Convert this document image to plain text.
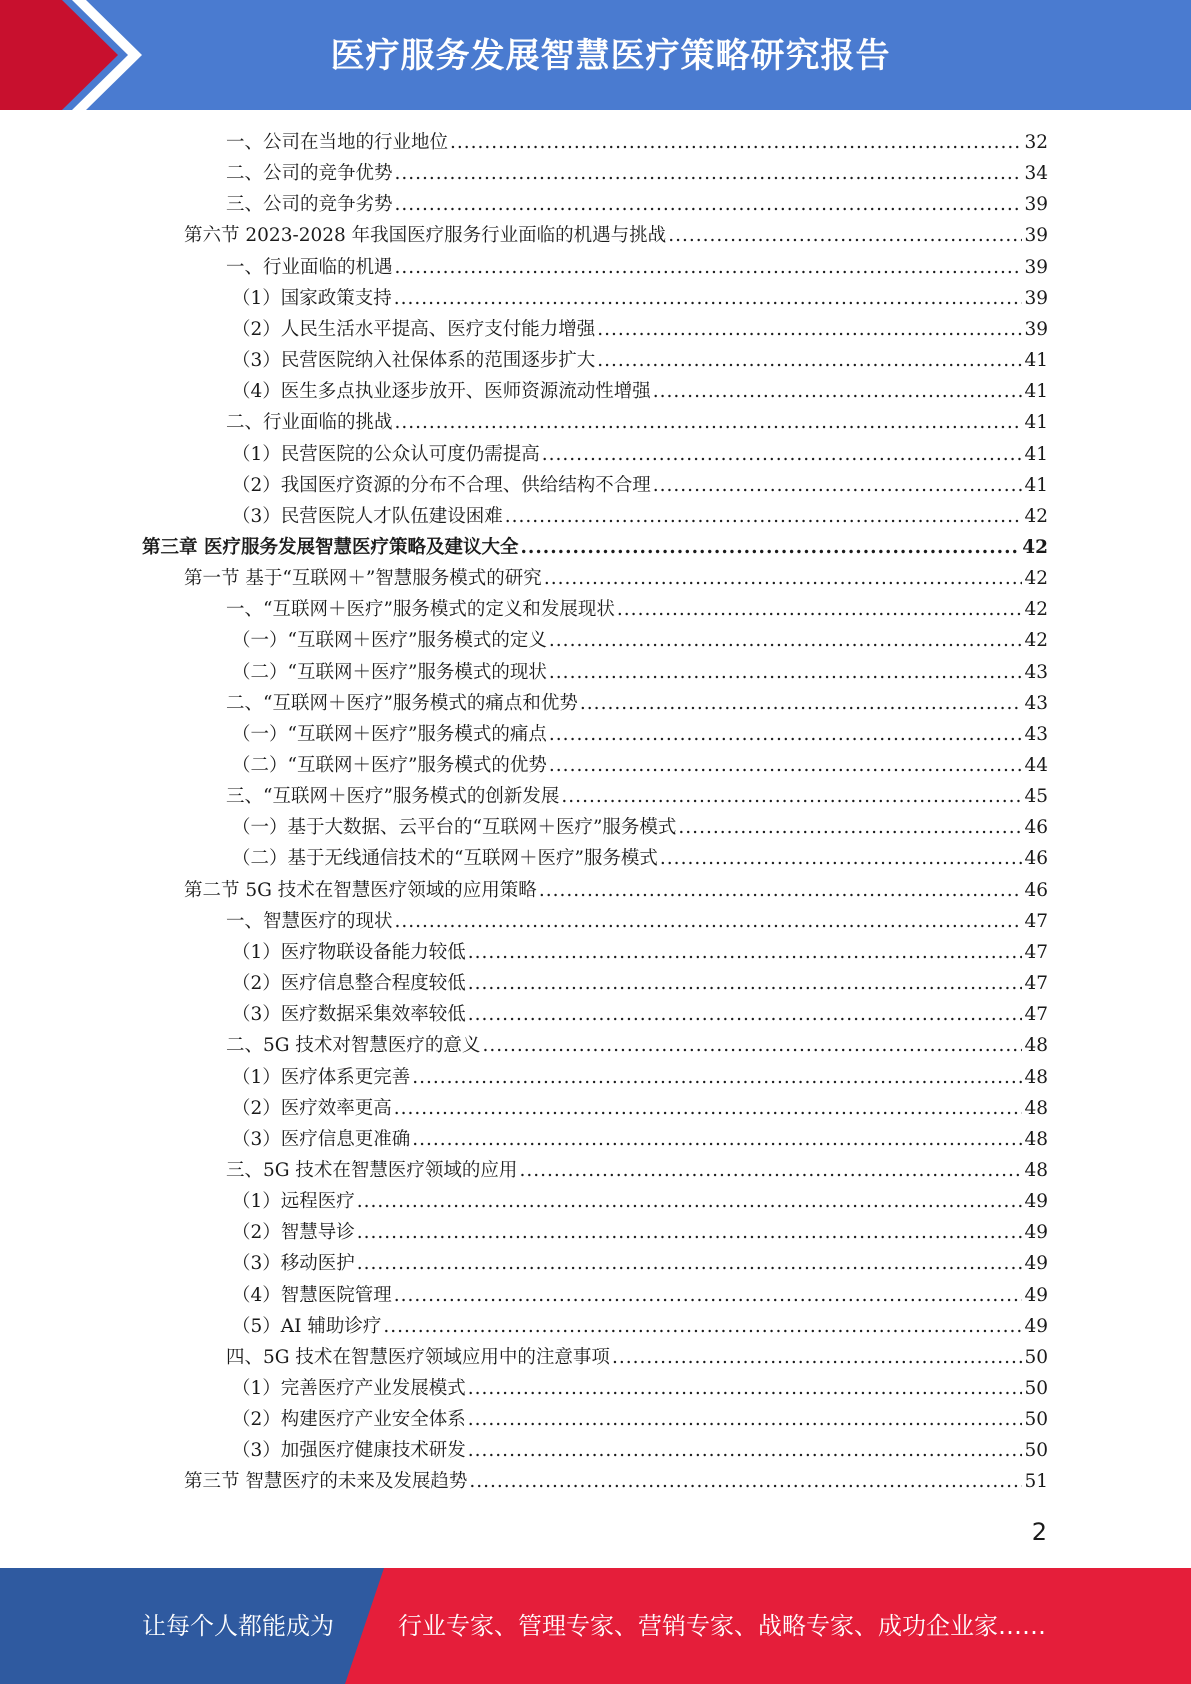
医疗服务发展智慧医疗策略研究报告
一、公司在当地的行业地位 .....	32
二、公司的竞争优势 .....	34
三、公司的竞争劣势 .....	39
第六节 2023-2028 年我国医疗服务行业面临的机遇与挑战 .....	39
一、行业面临的机遇 .....	39
（1）国家政策支持 .....	39
（2）人民生活水平提高、医疗支付能力增强 .....	39
（3）民营医院纳入社保体系的范围逐步扩大 .....	41
（4）医生多点执业逐步放开、医师资源流动性增强 .....	41
二、行业面临的挑战 .....	41
（1）民营医院的公众认可度仍需提高 .....	41
（2）我国医疗资源的分布不合理、供给结构不合理 .....	41
（3）民营医院人才队伍建设困难 .....	42
第三章 医疗服务发展智慧医疗策略及建议大全 .....	42
第一节 基于“互联网＋”智慧服务模式的研究 .....	42
一、“互联网＋医疗”服务模式的定义和发展现状 .....	42
（一）“互联网＋医疗”服务模式的定义 .....	42
（二）“互联网＋医疗”服务模式的现状 .....	43
二、“互联网＋医疗”服务模式的痛点和优势 .....	43
（一）“互联网＋医疗”服务模式的痛点 .....	43
（二）“互联网＋医疗”服务模式的优势 .....	44
三、“互联网＋医疗”服务模式的创新发展 .....	45
（一）基于大数据、云平台的“互联网＋医疗”服务模式 .....	46
（二）基于无线通信技术的“互联网＋医疗”服务模式 .....	46
第二节 5G 技术在智慧医疗领域的应用策略 .....	46
一、智慧医疗的现状 .....	47
（1）医疗物联设备能力较低 .....	47
（2）医疗信息整合程度较低 .....	47
（3）医疗数据采集效率较低 .....	47
二、5G 技术对智慧医疗的意义 .....	48
（1）医疗体系更完善 .....	48
（2）医疗效率更高 .....	48
（3）医疗信息更准确 .....	48
三、5G 技术在智慧医疗领域的应用 .....	48
（1）远程医疗 .....	49
（2）智慧导诊 .....	49
（3）移动医护 .....	49
（4）智慧医院管理 .....	49
（5）AI 辅助诊疗 .....	49
四、5G 技术在智慧医疗领域应用中的注意事项 .....	50
（1）完善医疗产业发展模式 .....	50
（2）构建医疗产业安全体系 .....	50
（3）加强医疗健康技术研发 .....	50
第三节 智慧医疗的未来及发展趋势 .....	51
2
让每个人都能成为	行业专家、管理专家、营销专家、战略专家、成功企业家……
